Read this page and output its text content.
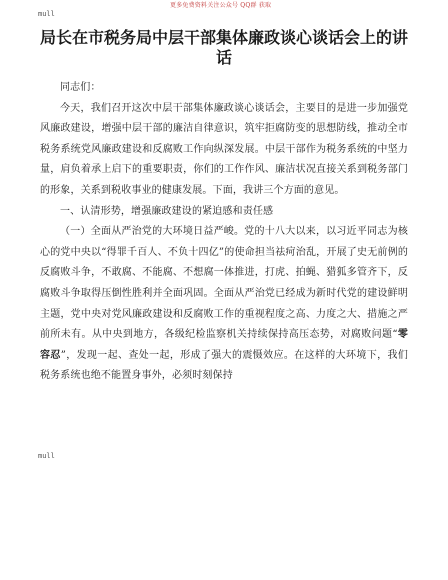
更多免费资料关注公众号 QQ群 获取
mull
局长在市税务局中层干部集体廉政谈心谈话会上的讲话

同志们：

今天，我们召开这次中层干部集体廉政谈心谈话会，主要目的是进一步加强党风廉政建设，增强中层干部的廉洁自律意识，筑牢拒腐防变的思想防线，推动全市税务系统党风廉政建设和反腐败工作向纵深发展。中层干部作为税务系统的中坚力量，肩负着承上启下的重要职责，你们的工作作风、廉洁状况直接关系到税务部门的形象，关系到税收事业的健康发展。下面，我讲三个方面的意见。

一、认清形势，增强廉政建设的紧迫感和责任感

（一）全面从严治党的大环境日益严峻。党的十八大以来，以习近平同志为核心的党中央以“得罪千百人、不负十四亿”的使命担当祛疴治乱，开展了史无前例的反腐败斗争，不敢腐、不能腐、不想腐一体推进，打虎、拍蝇、猎狐多管齐下，反腐败斗争取得压倒性胜利并全面巩固。全面从严治党已经成为新时代党的建设鲜明主题，党中央对党风廉政建设和反腐败工作的重视程度之高、力度之大、措施之严前所未有。从中央到地方，各级纪检监察机关持续保持高压态势，对腐败问题“零容忍”，发现一起、查处一起，形成了强大的震慑效应。在这样的大环境下，我们税务系统也绝不能置身事外，必须时刻保持

mull
